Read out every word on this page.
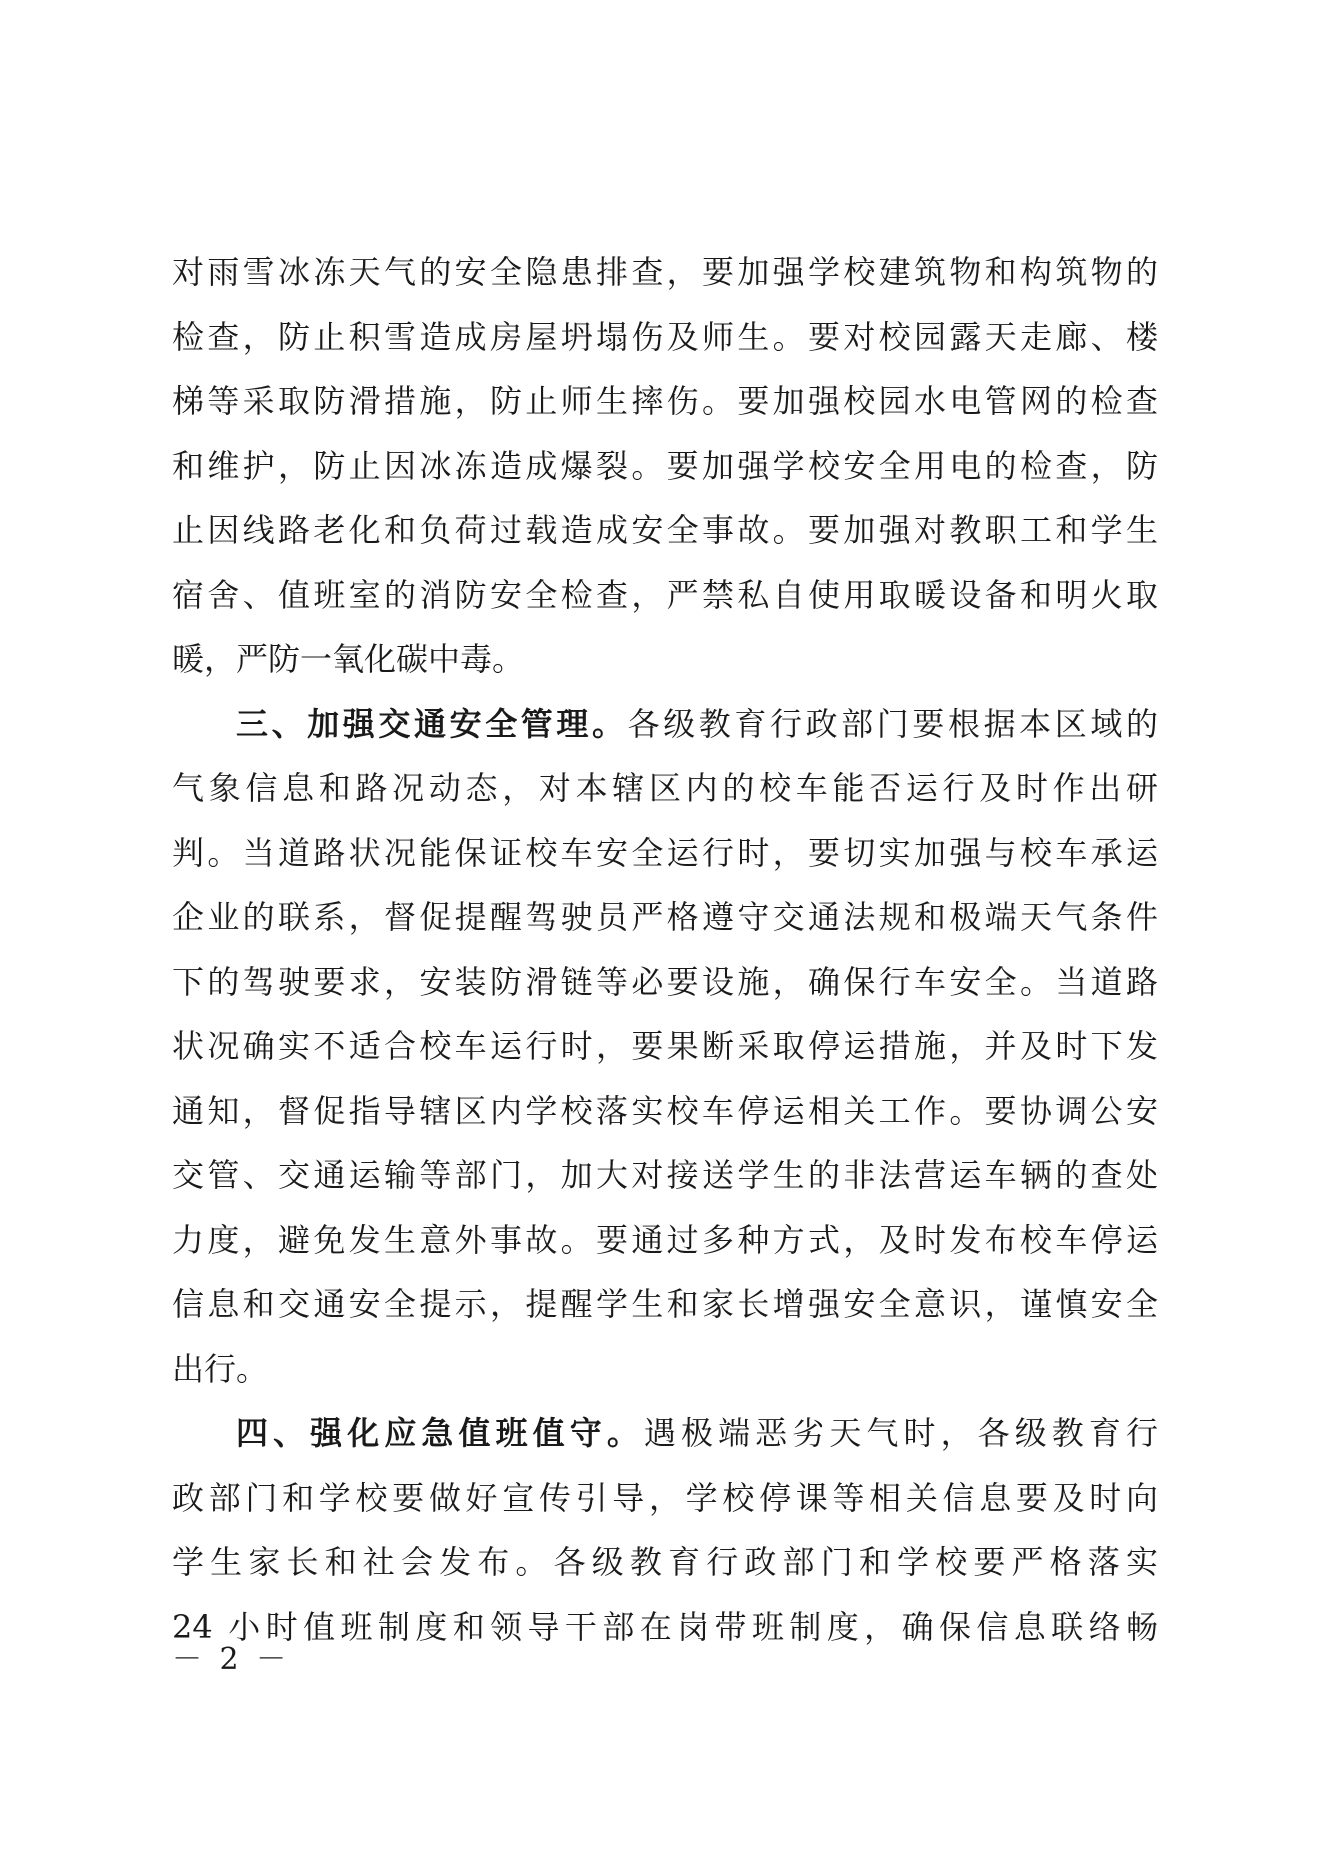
对雨雪冰冻天气的安全隐患排查，要加强学校建筑物和构筑物的
检查，防止积雪造成房屋坍塌伤及师生。要对校园露天走廊、楼
梯等采取防滑措施，防止师生摔伤。要加强校园水电管网的检查
和维护，防止因冰冻造成爆裂。要加强学校安全用电的检查，防
止因线路老化和负荷过载造成安全事故。要加强对教职工和学生
宿舍、值班室的消防安全检查，严禁私自使用取暖设备和明火取
暖，严防一氧化碳中毒。
三、加强交通安全管理。各级教育行政部门要根据本区域的
气象信息和路况动态，对本辖区内的校车能否运行及时作出研
判。当道路状况能保证校车安全运行时，要切实加强与校车承运
企业的联系，督促提醒驾驶员严格遵守交通法规和极端天气条件
下的驾驶要求，安装防滑链等必要设施，确保行车安全。当道路
状况确实不适合校车运行时，要果断采取停运措施，并及时下发
通知，督促指导辖区内学校落实校车停运相关工作。要协调公安
交管、交通运输等部门，加大对接送学生的非法营运车辆的查处
力度，避免发生意外事故。要通过多种方式，及时发布校车停运
信息和交通安全提示，提醒学生和家长增强安全意识，谨慎安全
出行。
四、强化应急值班值守。遇极端恶劣天气时，各级教育行
政部门和学校要做好宣传引导，学校停课等相关信息要及时向
学生家长和社会发布。各级教育行政部门和学校要严格落实
24 小时值班制度和领导干部在岗带班制度，确保信息联络畅
－ 2 －
